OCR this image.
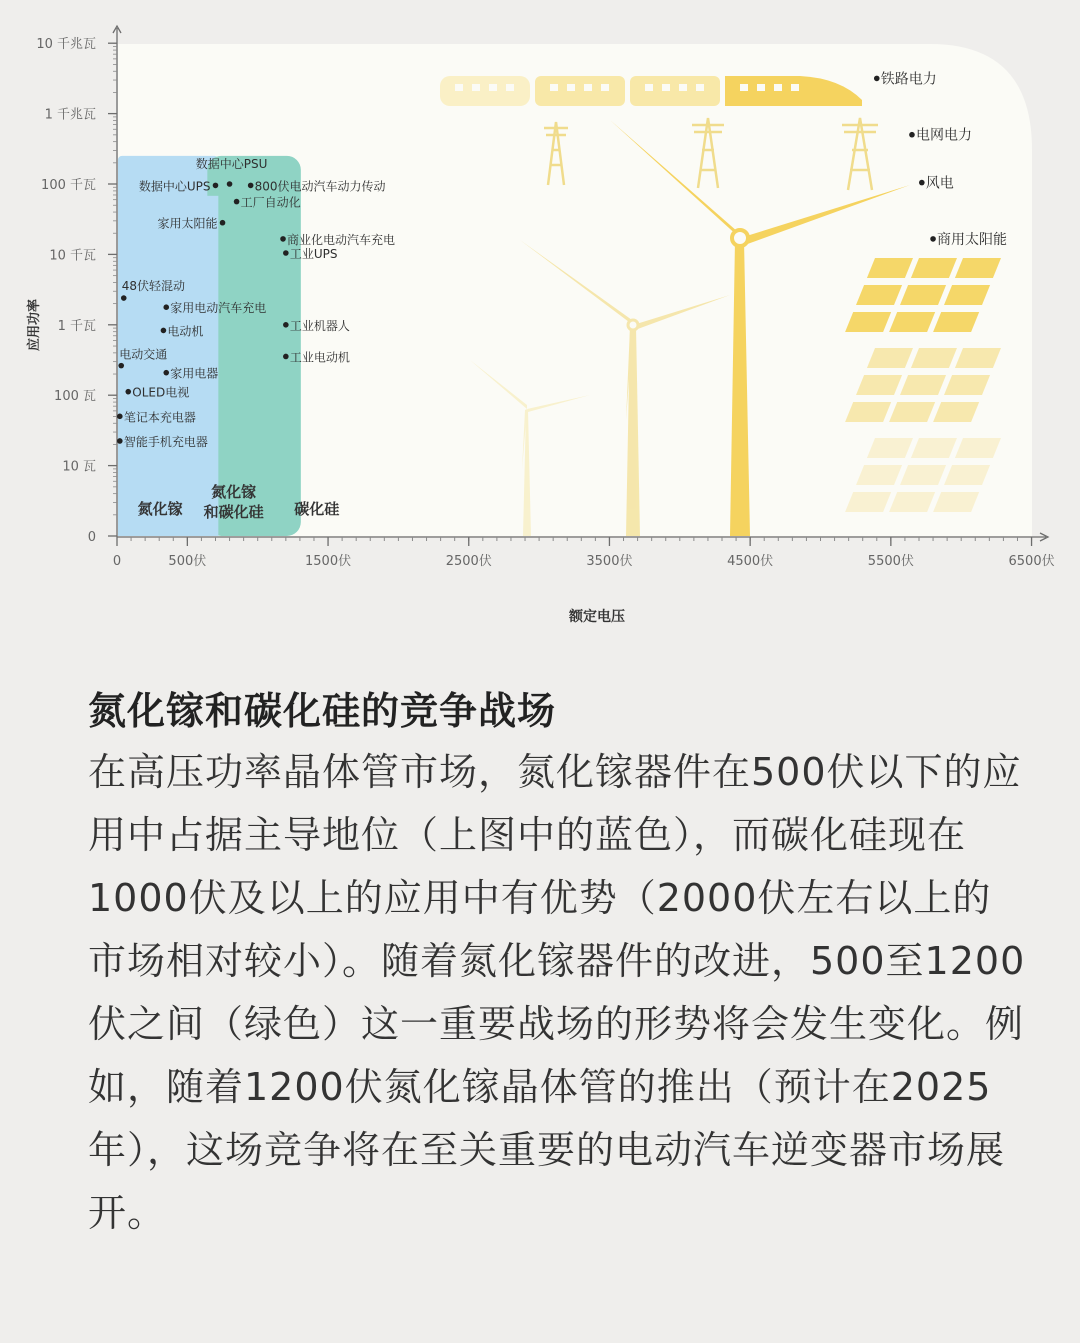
0
10 瓦
100 瓦
1 千瓦
10 千瓦
100 千瓦
1 千兆瓦
10 千兆瓦
0	500伏	1500伏	2500伏	3500伏	4500伏	5500伏	6500伏
应用功率
额定电压
氮化镓
氮化镓和碳化硅 碳化硅
数据中心PSU
数据中心UPS	800伏电动汽车动力传动
工厂自动化
家用太阳能
商业化电动汽车充电
工业UPS
48伏轻混动
家用电动汽车充电
电动机	工业机器人
工业电动机
电动交通
家用电器
OLED电视
笔记本充电器
智能手机充电器
铁路电力
电网电力
风电
商用太阳能
氮化镓和碳化硅的竞争战场

在高压功率晶体管市场，氮化镓器件在500伏以下的应用中占据主导地位（上图中的蓝色），而碳化硅现在1000伏及以上的应用中有优势（2000伏左右以上的市场相对较小）。随着氮化镓器件的改进，500至1200伏之间（绿色）这一重要战场的形势将会发生变化。例如，随着1200伏氮化镓晶体管的推出（预计在2025年），这场竞争将在至关重要的电动汽车逆变器市场展开。
